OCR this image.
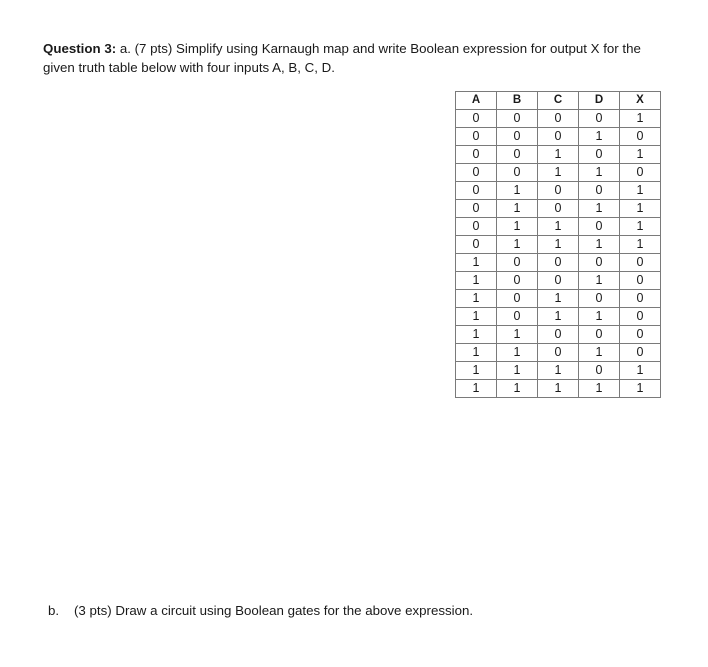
Question 3: a. (7 pts) Simplify using Karnaugh map and write Boolean expression for output X for the
given truth table below with four inputs A, B, C, D.
A	B	C	D	X
0	0	0	0	1
0	0	0	1	0
0	0	1	0	1
0	0	1	1	0
0	1	0	0	1
0	1	0	1	1
0	1	1	0	1
0	1	1	1	1
1	0	0	0	0
1	0	0	1	0
1	0	1	0	0
1	0	1	1	0
1	1	0	0	0
1	1	0	1	0
1	1	1	0	1
1	1	1	1	1
b. (3 pts) Draw a circuit using Boolean gates for the above expression.
